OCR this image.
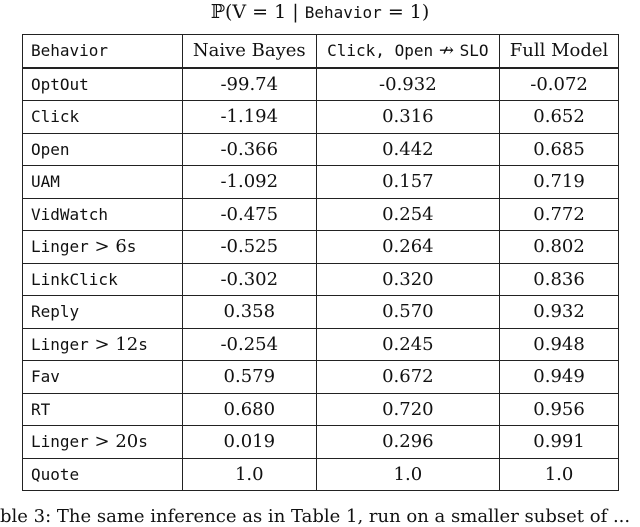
ℙ(V = 1 | Behavior = 1)
Behavior	Naive Bayes	Click, Open ↛ SLO	Full Model
OptOut	-99.74	-0.932	-0.072
Click	-1.194	0.316	0.652
Open	-0.366	0.442	0.685
UAM	-1.092	0.157	0.719
VidWatch	-0.475	0.254	0.772
Linger > 6s	-0.525	0.264	0.802
LinkClick	-0.302	0.320	0.836
Reply	0.358	0.570	0.932
Linger > 12s	-0.254	0.245	0.948
Fav	0.579	0.672	0.949
RT	0.680	0.720	0.956
Linger > 20s	0.019	0.296	0.991
Quote	1.0	1.0	1.0
ble 3: The same inference as in Table 1, run on a smaller subset of ...
